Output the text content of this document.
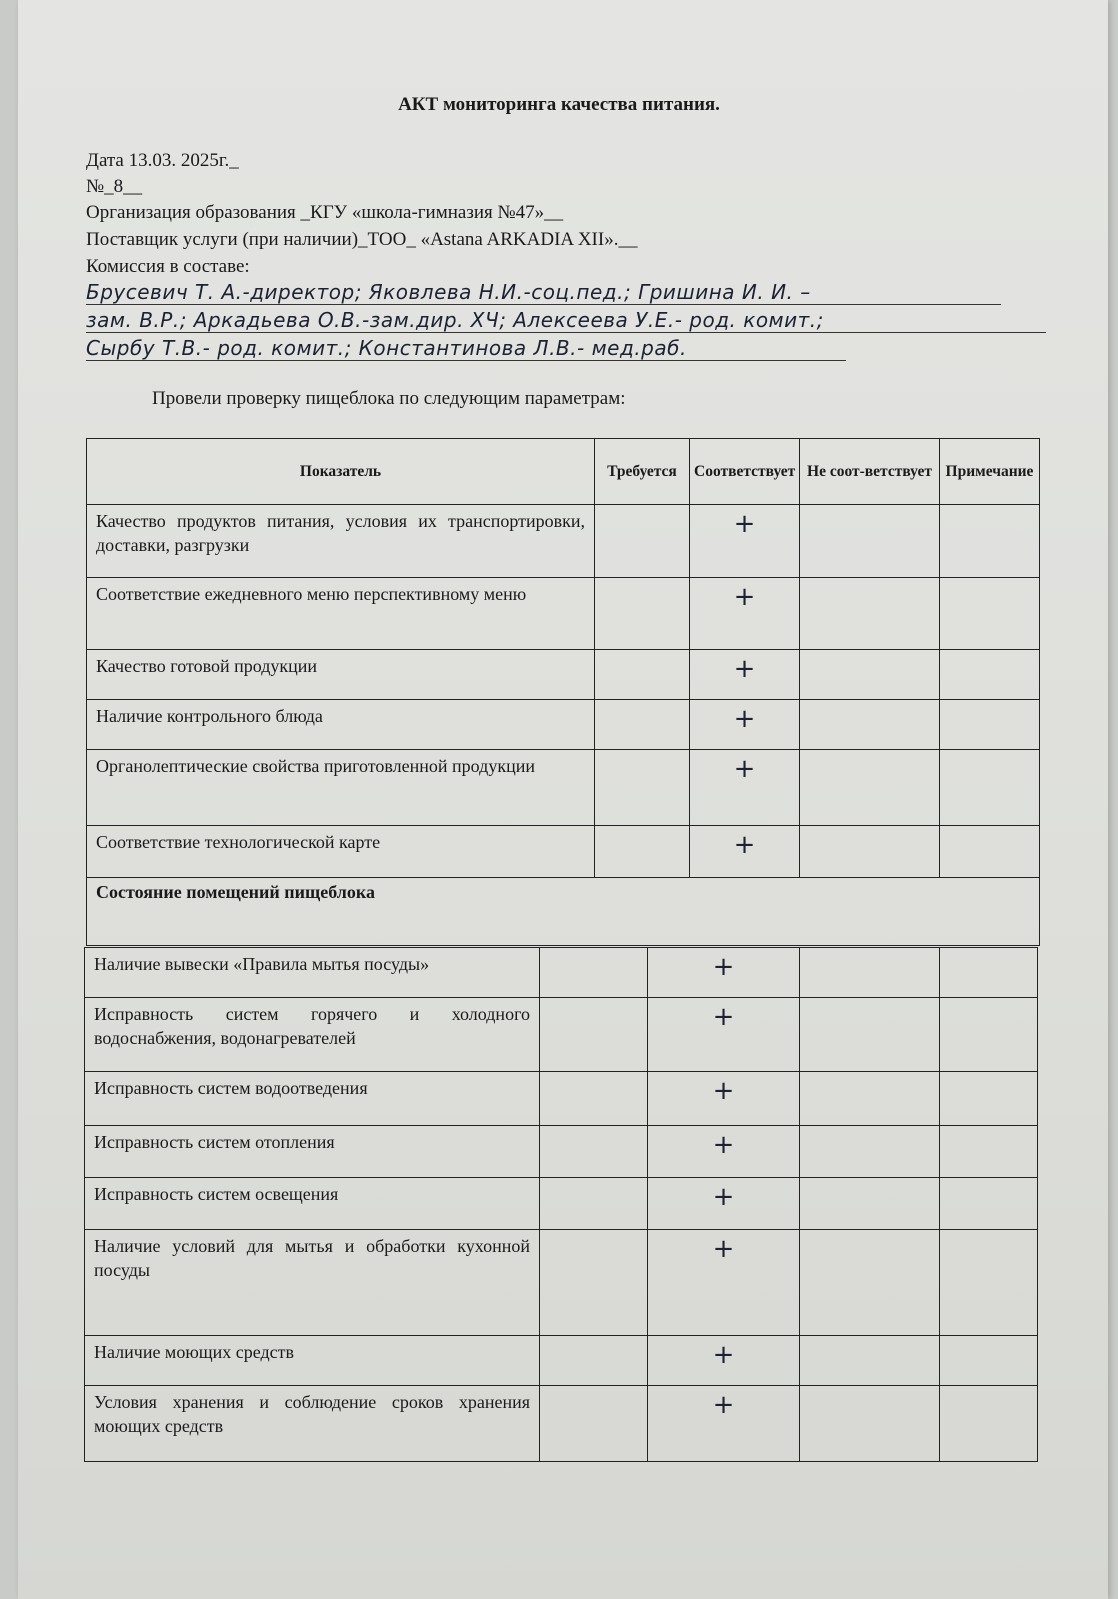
АКТ мониторинга качества питания.
Дата 13.03. 2025г._
№_8__
Организация образования _КГУ «школа-гимназия №47»__
Поставщик услуги (при наличии)_ТОО_ «Astana ARKADIA XII».__
Комиссия в составе:
Брусевич Т. А.-директор; Яковлева Н.И.-соц.пед.; Гришина И. И. –
зам. В.Р.; Аркадьева О.В.-зам.дир. ХЧ; Алексеева У.Е.- род. комит.;
Сырбу Т.В.- род. комит.; Константинова Л.В.- мед.раб.
Провели проверку пищеблока по следующим параметрам:
Показатель	Требуется	Соответствует	Не соот-ветствует	Примечание
Качество продуктов питания, условия их транспортировки, доставки, разгрузки		+		
Соответствие ежедневного меню перспективному меню		+		
Качество готовой продукции		+		
Наличие контрольного блюда		+		
Органолептические свойства приготовленной продукции		+		
Соответствие технологической карте		+		
Состояние помещений пищеблока				
Наличие вывески «Правила мытья посуды»		+		
Исправность систем горячего и холодного водоснабжения, водонагревателей		+		
Исправность систем водоотведения		+		
Исправность систем отопления		+		
Исправность систем освещения		+		
Наличие условий для мытья и обработки кухонной посуды		+		
Наличие моющих средств		+		
Условия хранения и соблюдение сроков хранения моющих средств		+		
